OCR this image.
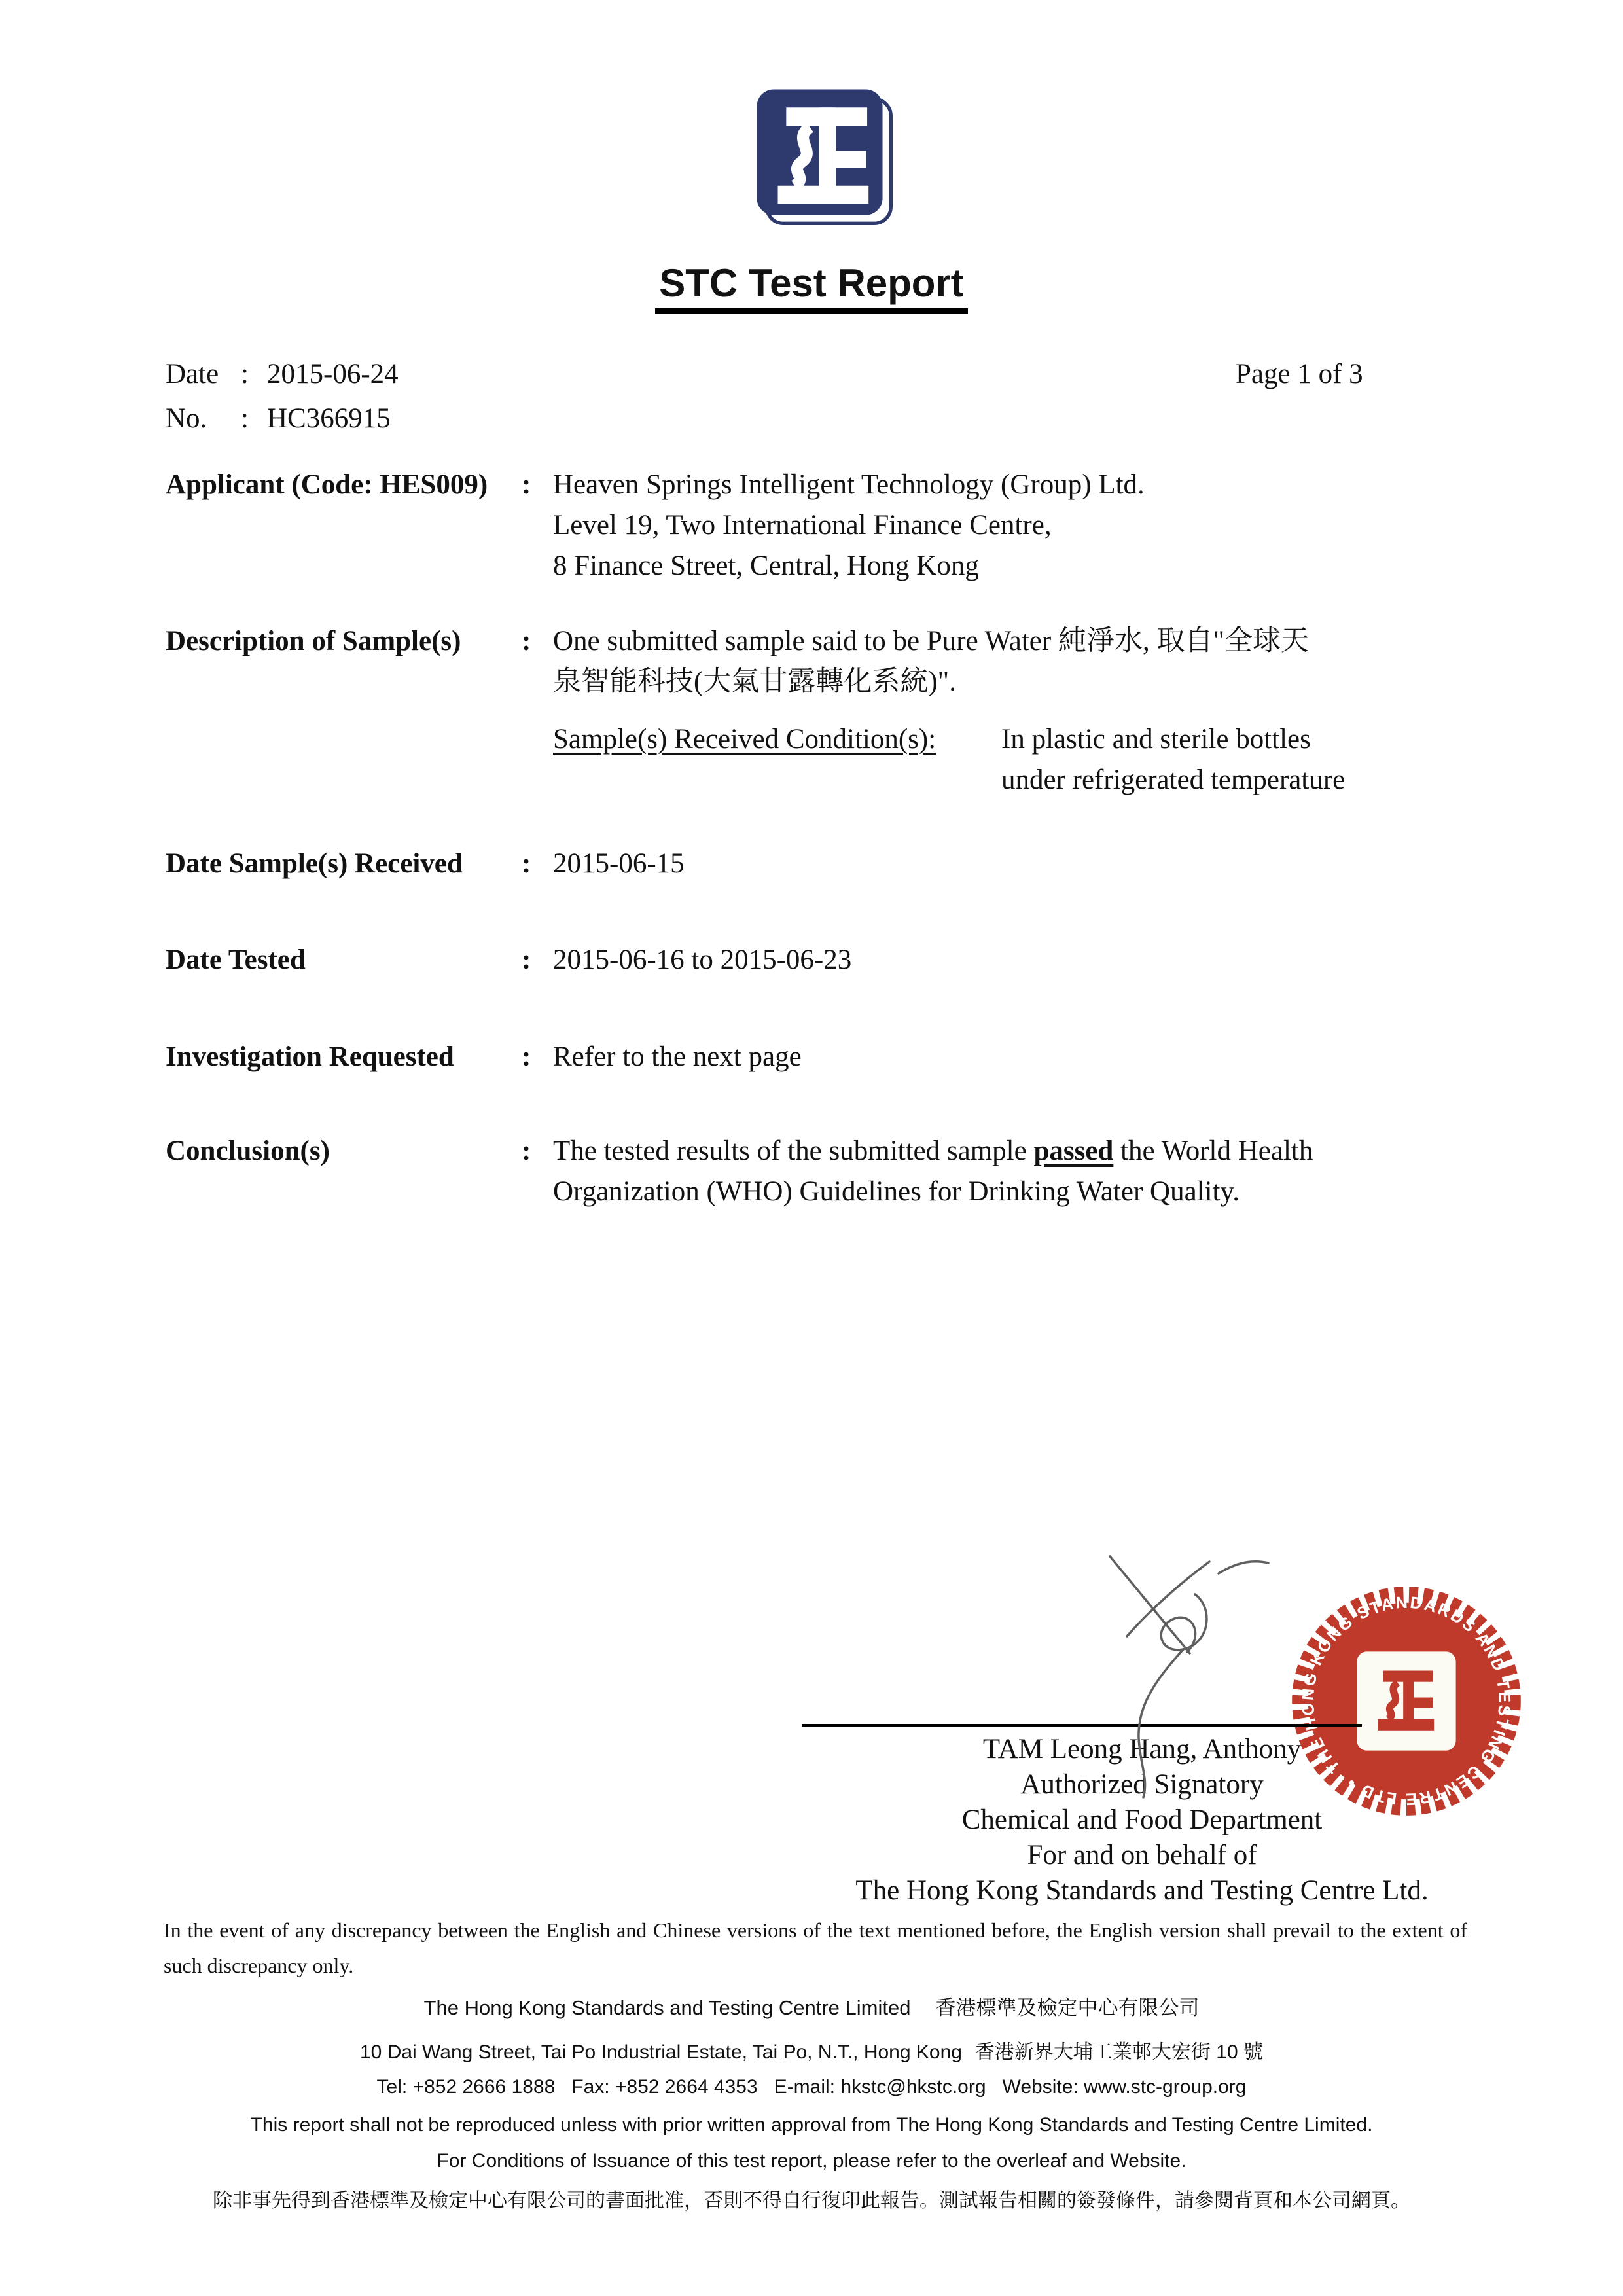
STC Test Report
Date : 2015-06-24
No.	: HC366915
Page 1 of 3
Applicant (Code: HES009)	: Heaven Springs Intelligent Technology (Group) Ltd.
Level 19, Two International Finance Centre,
8 Finance Street, Central, Hong Kong
Description of Sample(s)	: One submitted sample said to be Pure Water 純淨水, 取自"全球天
泉智能科技(大氣甘露轉化系統)".
Sample(s) Received Condition(s):	In plastic and sterile bottles
under refrigerated temperature
Date Sample(s) Received	: 2015-06-15
Date Tested	: 2015-06-16 to 2015-06-23
Investigation Requested	: Refer to the next page
Conclusion(s)	: The tested results of the submitted sample passed the World Health
Organization (WHO) Guidelines for Drinking Water Quality.
THE HONG KONG STANDARDS AND TESTING CENTRE LTD •
TAM Leong Hang, Anthony
Authorized Signatory
Chemical and Food Department
For and on behalf of
The Hong Kong Standards and Testing Centre Ltd.
In the event of any discrepancy between the English and Chinese versions of the text mentioned before, the English version shall prevail to the extent of such discrepancy only.
The Hong Kong Standards and Testing Centre Limited 香港標準及檢定中心有限公司
10 Dai Wang Street, Tai Po Industrial Estate, Tai Po, N.T., Hong Kong 香港新界大埔工業邨大宏街 10 號
Tel: +852 2666 1888   Fax: +852 2664 4353   E-mail: hkstc@hkstc.org   Website: www.stc-group.org
This report shall not be reproduced unless with prior written approval from The Hong Kong Standards and Testing Centre Limited.
For Conditions of Issuance of this test report, please refer to the overleaf and Website.
除非事先得到香港標準及檢定中心有限公司的書面批准，否則不得自行復印此報告。測試報告相關的簽發條件，請參閱背頁和本公司網頁。
